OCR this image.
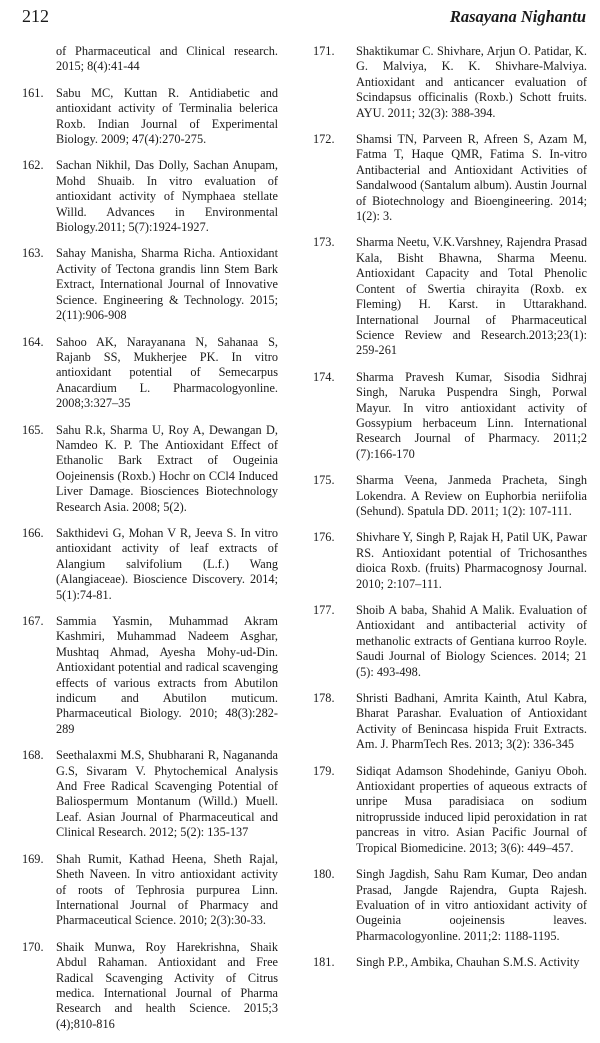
212	Rasayana Nighantu
of Pharmaceutical and Clinical research. 2015; 8(4):41-44
161.	Sabu MC, Kuttan R. Antidiabetic and antioxidant activity of Terminalia belerica Roxb. Indian Journal of Experimental Biology. 2009; 47(4):270-275.
162.	Sachan Nikhil, Das Dolly, Sachan Anupam, Mohd Shuaib. In vitro evaluation of antioxidant activity of Nymphaea stellate Willd. Advances in Environmental Biology.2011; 5(7):1924-1927.
163.	Sahay Manisha, Sharma Richa. Antioxidant Activity of Tectona grandis linn Stem Bark Extract, International Journal of Innovative Science. Engineering & Technology. 2015; 2(11):906-908
164.	Sahoo AK, Narayanana N, Sahanaa S, Rajanb SS, Mukherjee PK. In vitro antioxidant potential of Semecarpus Anacardium L. Pharmacologyonline. 2008;3:327–35
165.	Sahu R.k, Sharma U, Roy A, Dewangan D, Namdeo K. P. The Antioxidant Effect of Ethanolic Bark Extract of Ougeinia Oojeinensis (Roxb.) Hochr on CCl4 Induced Liver Damage. Biosciences Biotechnology Research Asia. 2008; 5(2).
166.	Sakthidevi G, Mohan V R, Jeeva S. In vitro antioxidant activity of leaf extracts of Alangium salvifolium (L.f.) Wang (Alangiaceae). Bioscience Discovery. 2014; 5(1):74-81.
167.	Sammia Yasmin, Muhammad Akram Kashmiri, Muhammad Nadeem Asghar, Mushtaq Ahmad, Ayesha Mohy-ud-Din. Antioxidant potential and radical scavenging effects of various extracts from Abutilon indicum and Abutilon muticum. Pharmaceutical Biology. 2010; 48(3):282-289
168.	Seethalaxmi M.S, Shubharani R, Nagananda G.S, Sivaram V. Phytochemical Analysis And Free Radical Scavenging Potential of Baliospermum Montanum (Willd.) Muell. Leaf. Asian Journal of Pharmaceutical and Clinical Research. 2012; 5(2): 135-137
169.	Shah Rumit, Kathad Heena, Sheth Rajal, Sheth Naveen. In vitro antioxidant activity of roots of Tephrosia purpurea Linn. International Journal of Pharmacy and Pharmaceutical Science. 2010; 2(3):30-33.
170.	Shaik Munwa, Roy Harekrishna, Shaik Abdul Rahaman. Antioxidant and Free Radical Scavenging Activity of Citrus medica. International Journal of Pharma Research and health Science. 2015;3 (4);810-816
171.	Shaktikumar C. Shivhare, Arjun O. Patidar, K. G. Malviya, K. K. Shivhare-Malviya. Antioxidant and anticancer evaluation of Scindapsus officinalis (Roxb.) Schott fruits. AYU. 2011; 32(3): 388-394.
172.	Shamsi TN, Parveen R, Afreen S, Azam M, Fatma T, Haque QMR, Fatima S. In-vitro Antibacterial and Antioxidant Activities of Sandalwood (Santalum album). Austin Journal of Biotechnology and Bioengineering. 2014; 1(2): 3.
173.	Sharma Neetu, V.K.Varshney, Rajendra Prasad Kala, Bisht Bhawna, Sharma Meenu. Antioxidant Capacity and Total Phenolic Content of Swertia chirayita (Roxb. ex Fleming) H. Karst. in Uttarakhand. International Journal of Pharmaceutical Science Review and Research.2013;23(1): 259-261
174.	Sharma Pravesh Kumar, Sisodia Sidhraj Singh, Naruka Puspendra Singh, Porwal Mayur. In vitro antioxidant activity of Gossypium herbaceum Linn. International Research Journal of Pharmacy. 2011;2 (7):166-170
175.	Sharma Veena, Janmeda Pracheta, Singh Lokendra. A Review on Euphorbia neriifolia (Sehund). Spatula DD. 2011; 1(2): 107-111.
176.	Shivhare Y, Singh P, Rajak H, Patil UK, Pawar RS. Antioxidant potential of Trichosanthes dioica Roxb. (fruits) Pharmacognosy Journal. 2010; 2:107–111.
177.	Shoib A baba, Shahid A Malik. Evaluation of Antioxidant and antibacterial activity of methanolic extracts of Gentiana kurroo Royle. Saudi Journal of Biology Sciences. 2014; 21 (5): 493-498.
178.	Shristi Badhani, Amrita Kainth, Atul Kabra, Bharat Parashar. Evaluation of Antioxidant Activity of Benincasa hispida Fruit Extracts. Am. J. PharmTech Res. 2013; 3(2): 336-345
179.	Sidiqat Adamson Shodehinde, Ganiyu Oboh. Antioxidant properties of aqueous extracts of unripe Musa paradisiaca on sodium nitroprusside induced lipid peroxidation in rat pancreas in vitro. Asian Pacific Journal of Tropical Biomedicine. 2013; 3(6): 449–457.
180.	Singh Jagdish, Sahu Ram Kumar, Deo andan Prasad, Jangde Rajendra, Gupta Rajesh. Evaluation of in vitro antioxidant activity of Ougeinia oojeinensis leaves. Pharmacologyonline. 2011;2: 1188-1195.
181.	Singh P.P., Ambika, Chauhan S.M.S. Activity
